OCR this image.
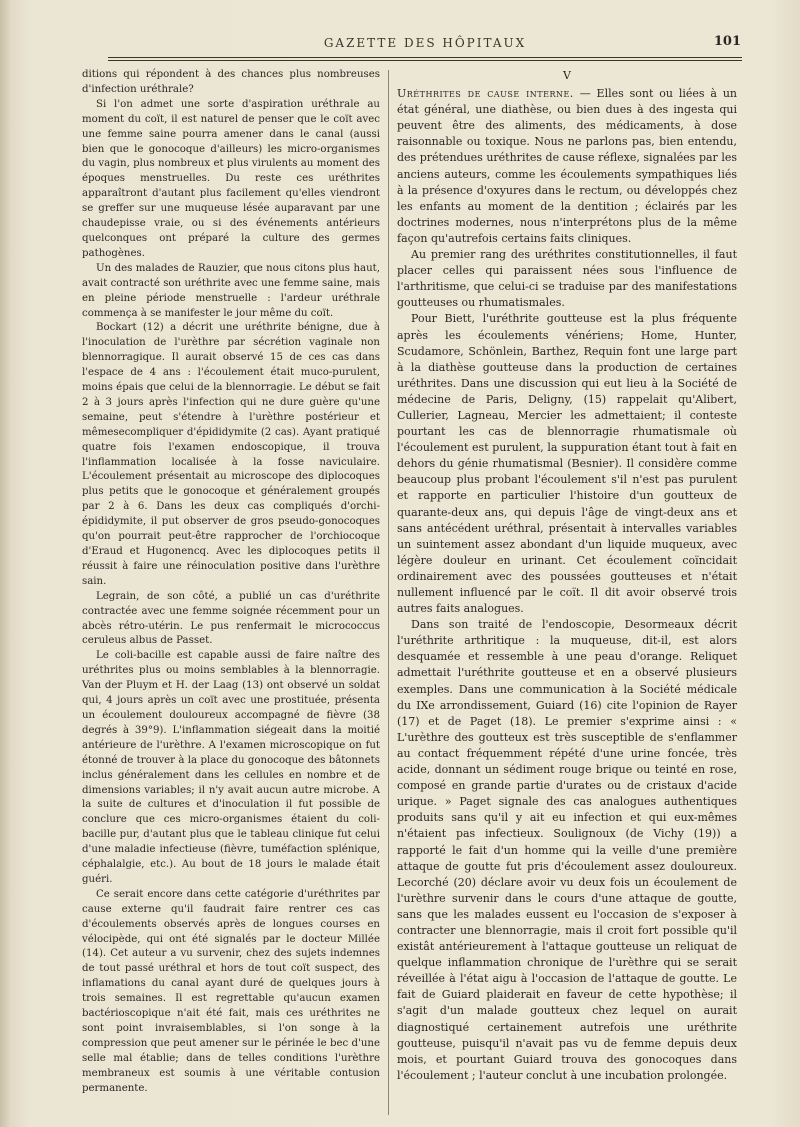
GAZETTE DES HÔPITAUX	101

ditions qui répondent à des chances plus nombreuses d'infection uréthrale?

Si l'on admet une sorte d'aspiration uréthrale au moment du coït, il est naturel de penser que le coït avec une femme saine pourra amener dans le canal (aussi bien que le gonocoque d'ailleurs) les micro-organismes du vagin, plus nombreux et plus virulents au moment des époques menstruelles. Du reste ces uréthrites apparaîtront d'autant plus facilement qu'elles viendront se greffer sur une muqueuse lésée auparavant par une chaudepisse vraie, ou si des événements antérieurs quelconques ont préparé la culture des germes pathogènes.

Un des malades de Rauzier, que nous citons plus haut, avait contracté son uréthrite avec une femme saine, mais en pleine période menstruelle : l'ardeur uréthrale commença à se manifester le jour même du coït.

Bockart (12) a décrit une uréthrite bénigne, due à l'inoculation de l'urèthre par sécrétion vaginale non blennorragique. Il aurait observé 15 de ces cas dans l'espace de 4 ans : l'écoulement était muco-purulent, moins épais que celui de la blennorragie. Le début se fait 2 à 3 jours après l'infection qui ne dure guère qu'une semaine, peut s'étendre à l'urèthre postérieur et mêmesecompliquer d'épididymite (2 cas). Ayant pratiqué quatre fois l'examen endoscopique, il trouva l'inflammation localisée à la fosse naviculaire. L'écoulement présentait au microscope des diplocoques plus petits que le gonocoque et généralement groupés par 2 à 6. Dans les deux cas compliqués d'orchi-épididymite, il put observer de gros pseudo-gonocoques qu'on pourrait peut-être rapprocher de l'orchiocoque d'Eraud et Hugonencq. Avec les diplocoques petits il réussit à faire une réinoculation positive dans l'urèthre sain.

Legrain, de son côté, a publié un cas d'uréthrite contractée avec une femme soignée récemment pour un abcès rétro-utérin. Le pus renfermait le micrococcus ceruleus albus de Passet.

Le coli-bacille est capable aussi de faire naître des uréthrites plus ou moins semblables à la blennorragie. Van der Pluym et H. der Laag (13) ont observé un soldat qui, 4 jours après un coït avec une prostituée, présenta un écoulement douloureux accompagné de fièvre (38 degrés à 39°9). L'inflammation siégeait dans la moitié antérieure de l'urèthre. A l'examen microscopique on fut étonné de trouver à la place du gonocoque des bâtonnets inclus généralement dans les cellules en nombre et de dimensions variables; il n'y avait aucun autre microbe. A la suite de cultures et d'inoculation il fut possible de conclure que ces micro-organismes étaient du coli-bacille pur, d'autant plus que le tableau clinique fut celui d'une maladie infectieuse (fièvre, tuméfaction splénique, céphalalgie, etc.). Au bout de 18 jours le malade était guéri.

Ce serait encore dans cette catégorie d'uréthrites par cause externe qu'il faudrait faire rentrer ces cas d'écoulements observés après de longues courses en vélocipède, qui ont été signalés par le docteur Millée (14). Cet auteur a vu survenir, chez des sujets indemnes de tout passé uréthral et hors de tout coït suspect, des inflamations du canal ayant duré de quelques jours à trois semaines. Il est regrettable qu'aucun examen bactérioscopique n'ait été fait, mais ces uréthrites ne sont point invraisemblables, si l'on songe à la compression que peut amener sur le périnée le bec d'une selle mal établie; dans de telles conditions l'urèthre membraneux est soumis à une véritable contusion permanente.

V

Uréthrites de cause interne. — Elles sont ou liées à un état général, une diathèse, ou bien dues à des ingesta qui peuvent être des aliments, des médicaments, à dose raisonnable ou toxique. Nous ne parlons pas, bien entendu, des prétendues uréthrites de cause réflexe, signalées par les anciens auteurs, comme les écoulements sympathiques liés à la présence d'oxyures dans le rectum, ou développés chez les enfants au moment de la dentition ; éclairés par les doctrines modernes, nous n'interprétons plus de la même façon qu'autrefois certains faits cliniques.

Au premier rang des uréthrites constitutionnelles, il faut placer celles qui paraissent nées sous l'influence de l'arthritisme, que celui-ci se traduise par des manifestations goutteuses ou rhumatismales.

Pour Biett, l'uréthrite goutteuse est la plus fréquente après les écoulements vénériens; Home, Hunter, Scudamore, Schönlein, Barthez, Requin font une large part à la diathèse goutteuse dans la production de certaines uréthrites. Dans une discussion qui eut lieu à la Société de médecine de Paris, Deligny, (15) rappelait qu'Alibert, Cullerier, Lagneau, Mercier les admettaient; il conteste pourtant les cas de blennorragie rhumatismale où l'écoulement est purulent, la suppuration étant tout à fait en dehors du génie rhumatismal (Besnier). Il considère comme beaucoup plus probant l'écoulement s'il n'est pas purulent et rapporte en particulier l'histoire d'un goutteux de quarante-deux ans, qui depuis l'âge de vingt-deux ans et sans antécédent uréthral, présentait à intervalles variables un suintement assez abondant d'un liquide muqueux, avec légère douleur en urinant. Cet écoulement coïncidait ordinairement avec des poussées goutteuses et n'était nullement influencé par le coït. Il dit avoir observé trois autres faits analogues.

Dans son traité de l'endoscopie, Desormeaux décrit l'uréthrite arthritique : la muqueuse, dit-il, est alors desquamée et ressemble à une peau d'orange. Reliquet admettait l'uréthrite goutteuse et en a observé plusieurs exemples. Dans une communication à la Société médicale du IXe arrondissement, Guiard (16) cite l'opinion de Rayer (17) et de Paget (18). Le premier s'exprime ainsi : « L'urèthre des goutteux est très susceptible de s'enflammer au contact fréquemment répété d'une urine foncée, très acide, donnant un sédiment rouge brique ou teinté en rose, composé en grande partie d'urates ou de cristaux d'acide urique. » Paget signale des cas analogues authentiques produits sans qu'il y ait eu infection et qui eux-mêmes n'étaient pas infectieux. Soulignoux (de Vichy (19)) a rapporté le fait d'un homme qui la veille d'une première attaque de goutte fut pris d'écoulement assez douloureux. Lecorché (20) déclare avoir vu deux fois un écoulement de l'urèthre survenir dans le cours d'une attaque de goutte, sans que les malades eussent eu l'occasion de s'exposer à contracter une blennorragie, mais il croit fort possible qu'il existât antérieurement à l'attaque goutteuse un reliquat de quelque inflammation chronique de l'urèthre qui se serait réveillée à l'état aigu à l'occasion de l'attaque de goutte. Le fait de Guiard plaiderait en faveur de cette hypothèse; il s'agit d'un malade goutteux chez lequel on aurait diagnostiqué certainement autrefois une uréthrite goutteuse, puisqu'il n'avait pas vu de femme depuis deux mois, et pourtant Guiard trouva des gonocoques dans l'écoulement ; l'auteur conclut à une incubation prolongée.
